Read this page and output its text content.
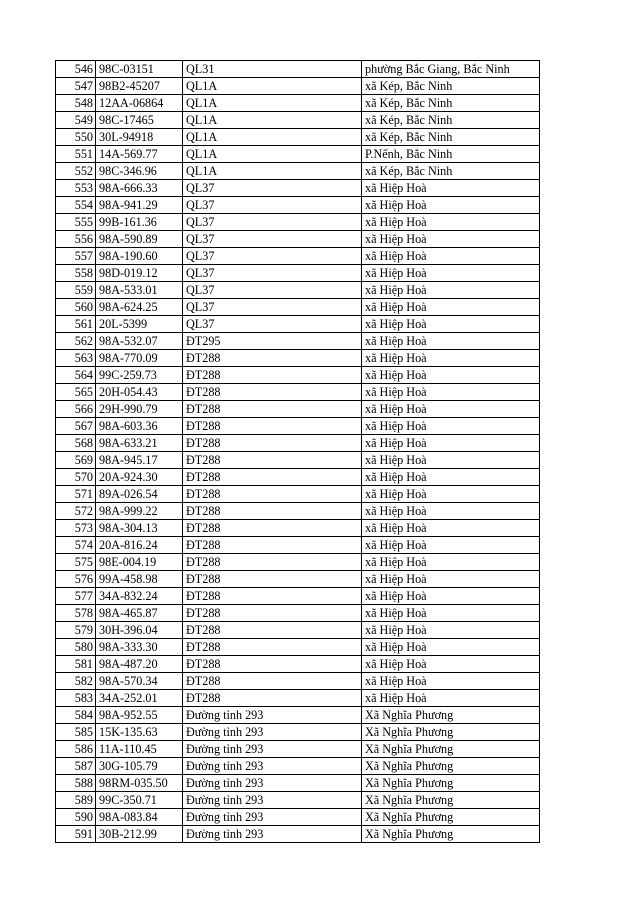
546	98C-03151	QL31	phường Bắc Giang, Bắc Ninh
547	98B2-45207	QL1A	xã Kép, Bắc Ninh
548	12AA-06864	QL1A	xã Kép, Bắc Ninh
549	98C-17465	QL1A	xã Kép, Bắc Ninh
550	30L-94918	QL1A	xã Kép, Bắc Ninh
551	14A-569.77	QL1A	P.Nếnh, Bắc Ninh
552	98C-346.96	QL1A	xã Kép, Bắc Ninh
553	98A-666.33	QL37	xã Hiệp Hoà
554	98A-941.29	QL37	xã Hiệp Hoà
555	99B-161.36	QL37	xã Hiệp Hoà
556	98A-590.89	QL37	xã Hiệp Hoà
557	98A-190.60	QL37	xã Hiệp Hoà
558	98D-019.12	QL37	xã Hiệp Hoà
559	98A-533.01	QL37	xã Hiệp Hoà
560	98A-624.25	QL37	xã Hiệp Hoà
561	20L-5399	QL37	xã Hiệp Hoà
562	98A-532.07	ĐT295	xã Hiệp Hoà
563	98A-770.09	ĐT288	xã Hiệp Hoà
564	99C-259.73	ĐT288	xã Hiệp Hoà
565	20H-054.43	ĐT288	xã Hiệp Hoà
566	29H-990.79	ĐT288	xã Hiệp Hoà
567	98A-603.36	ĐT288	xã Hiệp Hoà
568	98A-633.21	ĐT288	xã Hiệp Hoà
569	98A-945.17	ĐT288	xã Hiệp Hoà
570	20A-924.30	ĐT288	xã Hiệp Hoà
571	89A-026.54	ĐT288	xã Hiệp Hoà
572	98A-999.22	ĐT288	xã Hiệp Hoà
573	98A-304.13	ĐT288	xã Hiệp Hoà
574	20A-816.24	ĐT288	xã Hiệp Hoà
575	98E-004.19	ĐT288	xã Hiệp Hoà
576	99A-458.98	ĐT288	xã Hiệp Hoà
577	34A-832.24	ĐT288	xã Hiệp Hoà
578	98A-465.87	ĐT288	xã Hiệp Hoà
579	30H-396.04	ĐT288	xã Hiệp Hoà
580	98A-333.30	ĐT288	xã Hiệp Hoà
581	98A-487.20	ĐT288	xã Hiệp Hoà
582	98A-570.34	ĐT288	xã Hiệp Hoà
583	34A-252.01	ĐT288	xã Hiệp Hoà
584	98A-952.55	Đường tỉnh 293	Xã Nghĩa Phương
585	15K-135.63	Đường tỉnh 293	Xã Nghĩa Phương
586	11A-110.45	Đường tỉnh 293	Xã Nghĩa Phương
587	30G-105.79	Đường tỉnh 293	Xã Nghĩa Phương
588	98RM-035.50	Đường tỉnh 293	Xã Nghĩa Phương
589	99C-350.71	Đường tỉnh 293	Xã Nghĩa Phương
590	98A-083.84	Đường tỉnh 293	Xã Nghĩa Phương
591	30B-212.99	Đường tỉnh 293	Xã Nghĩa Phương
